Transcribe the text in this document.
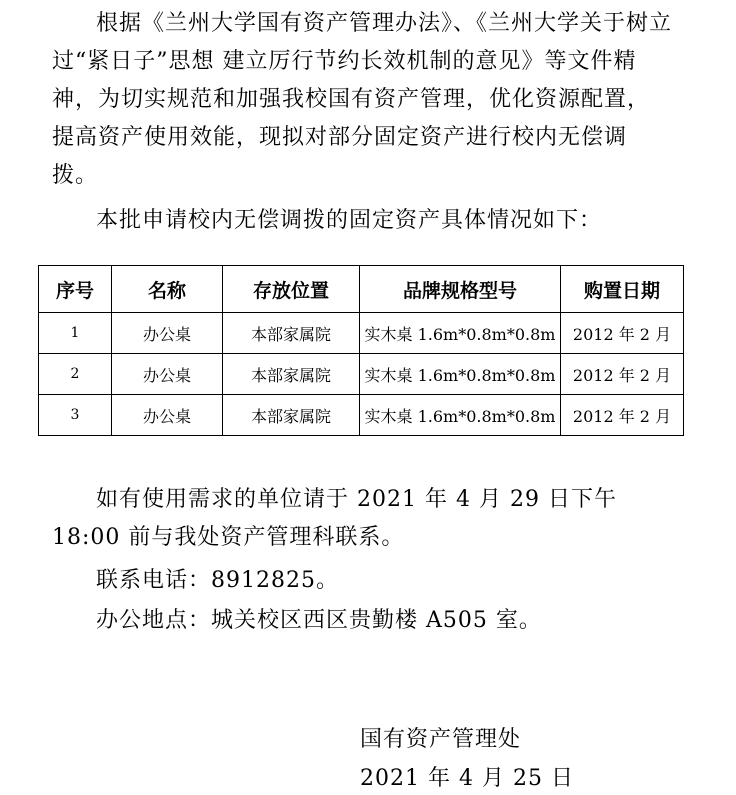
根据《兰州大学国有资产管理办法》、《兰州大学关于树立过“紧日子”思想 建立厉行节约长效机制的意见》等文件精神，为切实规范和加强我校国有资产管理，优化资源配置，提高资产使用效能，现拟对部分固定资产进行校内无偿调拨。

本批申请校内无偿调拨的固定资产具体情况如下：

序号	名称	存放位置	品牌规格型号	购置日期
1	办公桌	本部家属院	实木桌 1.6m*0.8m*0.8m	2012 年 2 月
2	办公桌	本部家属院	实木桌 1.6m*0.8m*0.8m	2012 年 2 月
3	办公桌	本部家属院	实木桌 1.6m*0.8m*0.8m	2012 年 2 月

如有使用需求的单位请于 2021 年 4 月 29 日下午 18:00 前与我处资产管理科联系。

联系电话：8912825。

办公地点：城关校区西区贵勤楼 A505 室。

国有资产管理处
2021 年 4 月 25 日
